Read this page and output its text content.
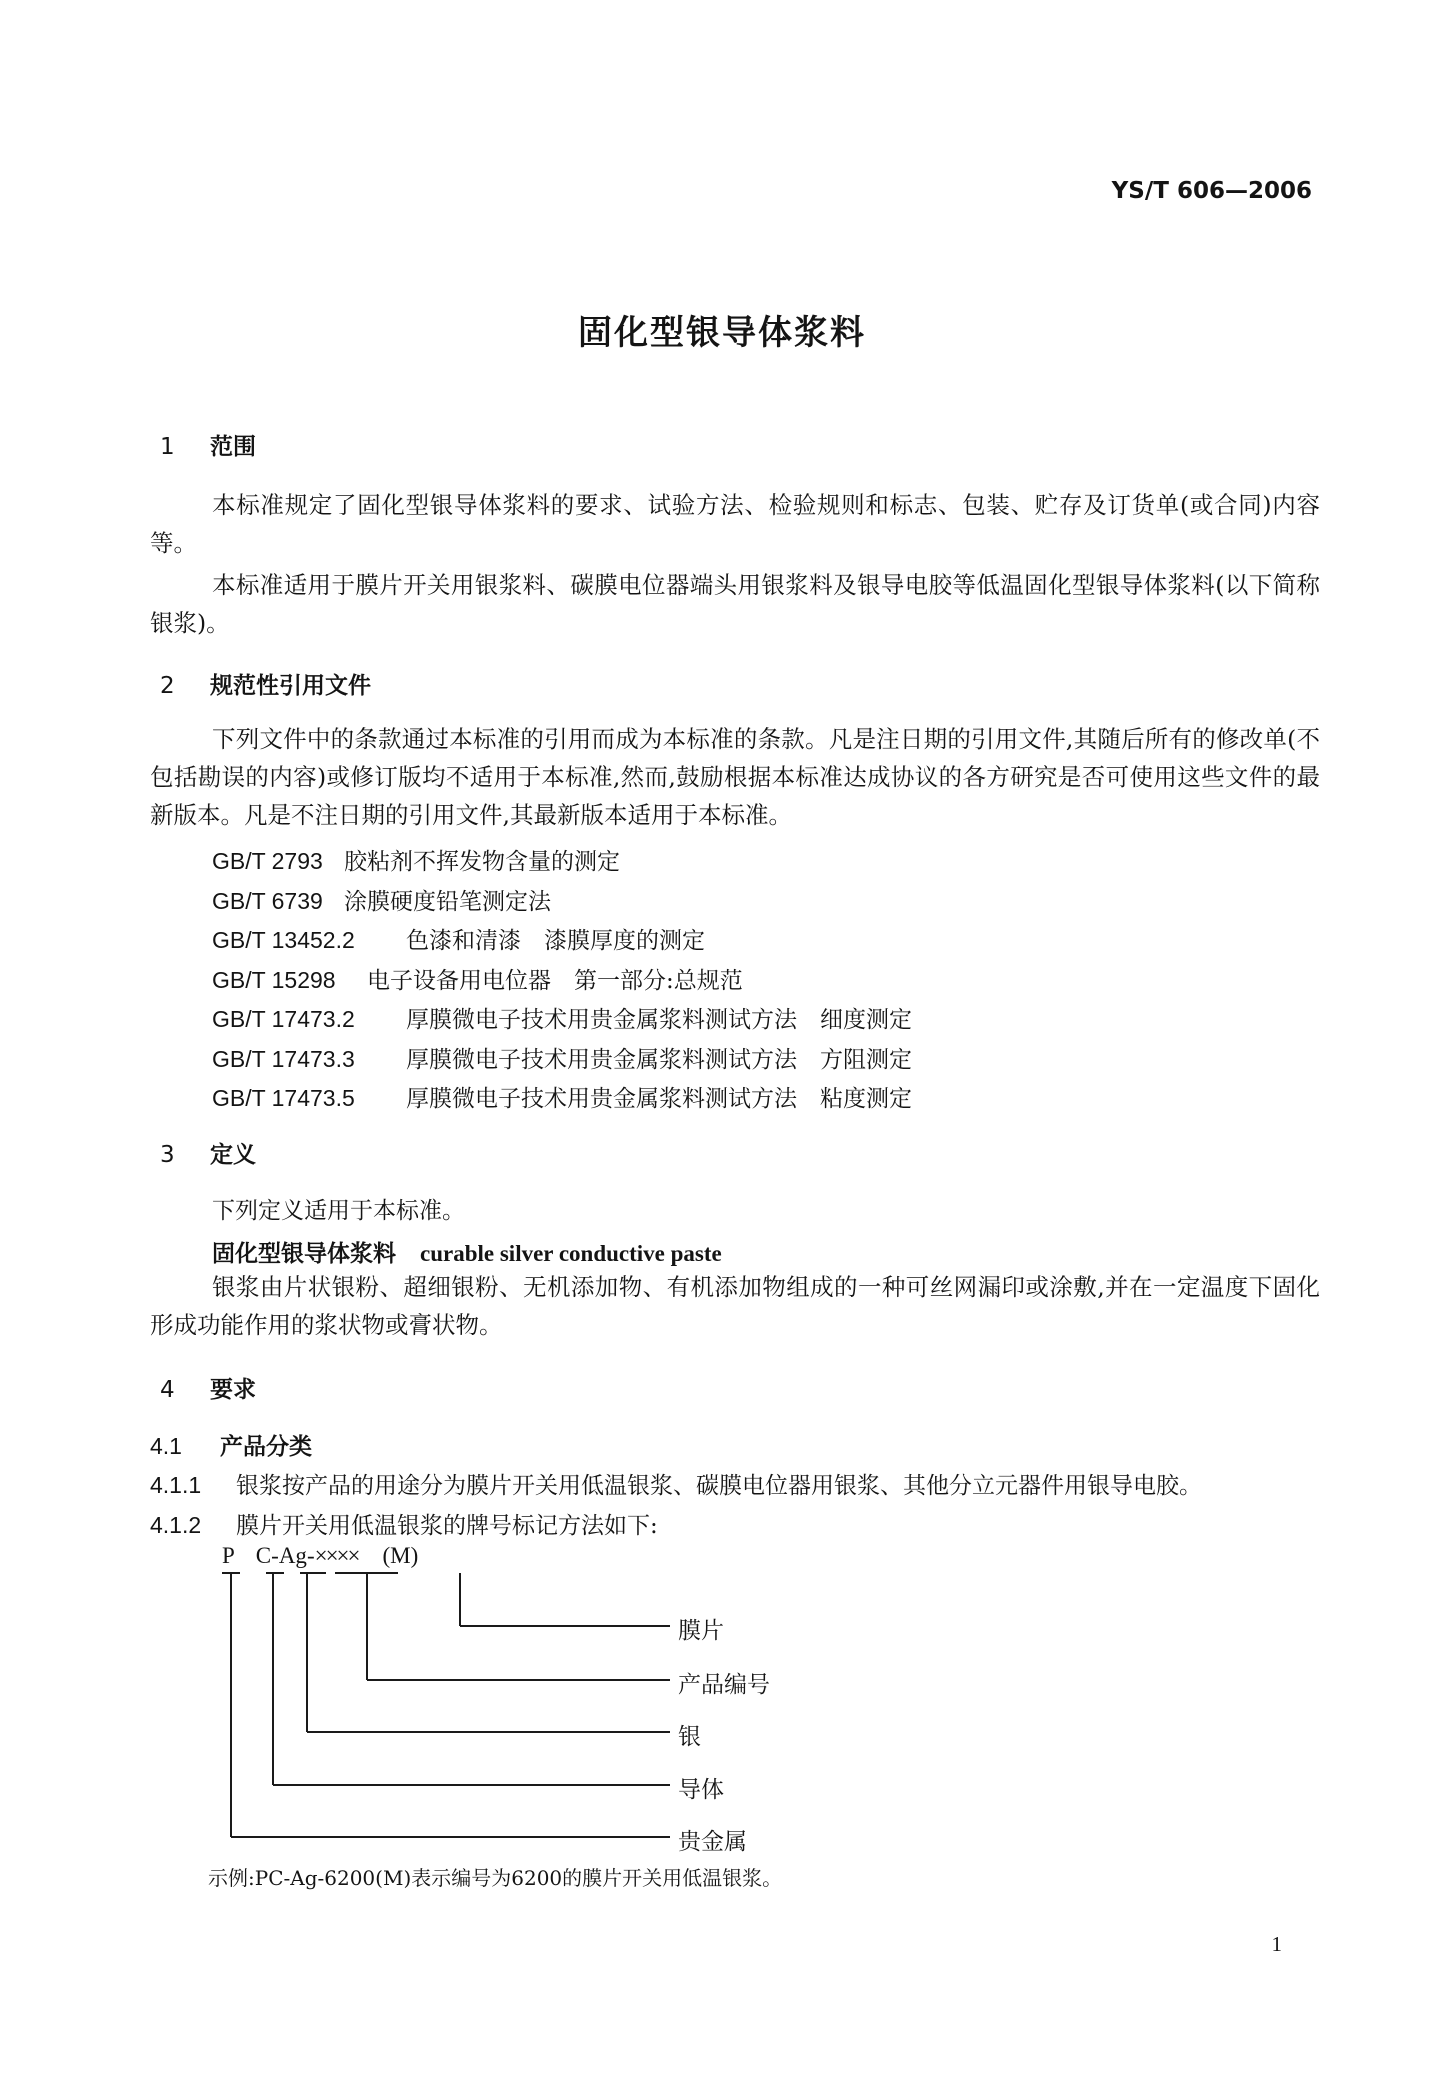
YS/T 606—2006
固化型银导体浆料
1 范围
本标准规定了固化型银导体浆料的要求、试验方法、检验规则和标志、包装、贮存及订货单(或合同)内容等。
本标准适用于膜片开关用银浆料、碳膜电位器端头用银浆料及银导电胶等低温固化型银导体浆料(以下简称银浆)。
2 规范性引用文件
下列文件中的条款通过本标准的引用而成为本标准的条款。凡是注日期的引用文件,其随后所有的修改单(不包括勘误的内容)或修订版均不适用于本标准,然而,鼓励根据本标准达成协议的各方研究是否可使用这些文件的最新版本。凡是不注日期的引用文件,其最新版本适用于本标准。
GB/T 2793 胶粘剂不挥发物含量的测定
GB/T 6739 涂膜硬度铅笔测定法
GB/T 13452.2 色漆和清漆　漆膜厚度的测定
GB/T 15298 电子设备用电位器　第一部分:总规范
GB/T 17473.2 厚膜微电子技术用贵金属浆料测试方法　细度测定
GB/T 17473.3 厚膜微电子技术用贵金属浆料测试方法　方阻测定
GB/T 17473.5 厚膜微电子技术用贵金属浆料测试方法　粘度测定
3 定义
下列定义适用于本标准。
固化型银导体浆料 curable silver conductive paste
银浆由片状银粉、超细银粉、无机添加物、有机添加物组成的一种可丝网漏印或涂敷,并在一定温度下固化形成功能作用的浆状物或膏状物。
4 要求
4.1 产品分类
4.1.1 银浆按产品的用途分为膜片开关用低温银浆、碳膜电位器用银浆、其他分立元器件用银导电胶。
4.1.2 膜片开关用低温银浆的牌号标记方法如下:
P C-Ag-×××× (M)
膜片
产品编号
银
导体
贵金属
示例:PC-Ag-6200(M)表示编号为6200的膜片开关用低温银浆。
1
